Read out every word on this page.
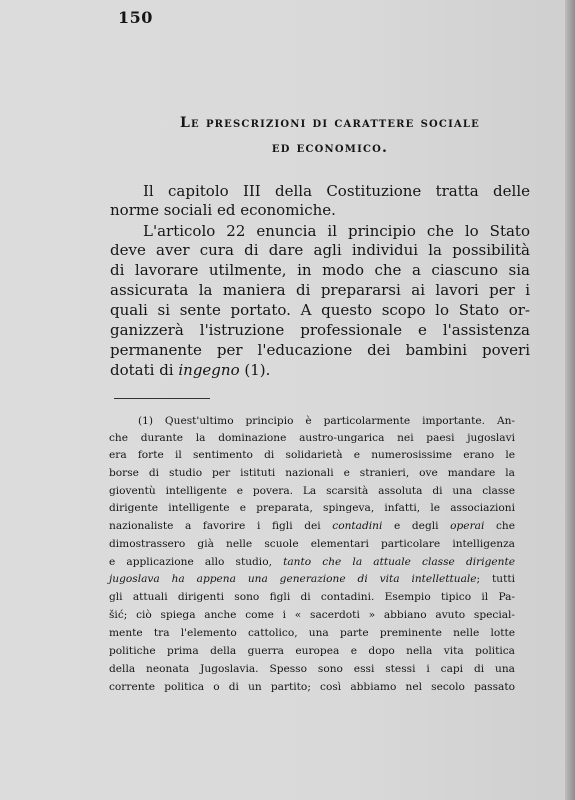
150
Le prescrizioni di carattere sociale
ed economico.
Il capitolo III della Costituzione tratta delle
norme sociali ed economiche.
L'articolo 22 enuncia il principio che lo Stato
deve aver cura di dare agli individui la possibilità
di lavorare utilmente, in modo che a ciascuno sia
assicurata la maniera di prepararsi ai lavori per i
quali si sente portato. A questo scopo lo Stato or-
ganizzerà l'istruzione professionale e l'assistenza
permanente per l'educazione dei bambini poveri
dotati di ingegno (1).
(1) Quest'ultimo principio è particolarmente importante. An-
che durante la dominazione austro-ungarica nei paesi jugoslavi
era forte il sentimento di solidarietà e numerosissime erano le
borse di studio per istituti nazionali e stranieri, ove mandare la
gioventù intelligente e povera. La scarsità assoluta di una classe
dirigente intelligente e preparata, spingeva, infatti, le associazioni
nazionaliste a favorire i figli dei contadini e degli operai che
dimostrassero già nelle scuole elementari particolare intelligenza
e applicazione allo studio, tanto che la attuale classe dirigente
jugoslava ha appena una generazione di vita intellettuale; tutti
gli attuali dirigenti sono figli di contadini. Esempio tipico il Pa-
šić; ciò spiega anche come i « sacerdoti » abbiano avuto special-
mente tra l'elemento cattolico, una parte preminente nelle lotte
politiche prima della guerra europea e dopo nella vita politica
della neonata Jugoslavia. Spesso sono essi stessi i capi di una
corrente politica o di un partito; così abbiamo nel secolo passato
